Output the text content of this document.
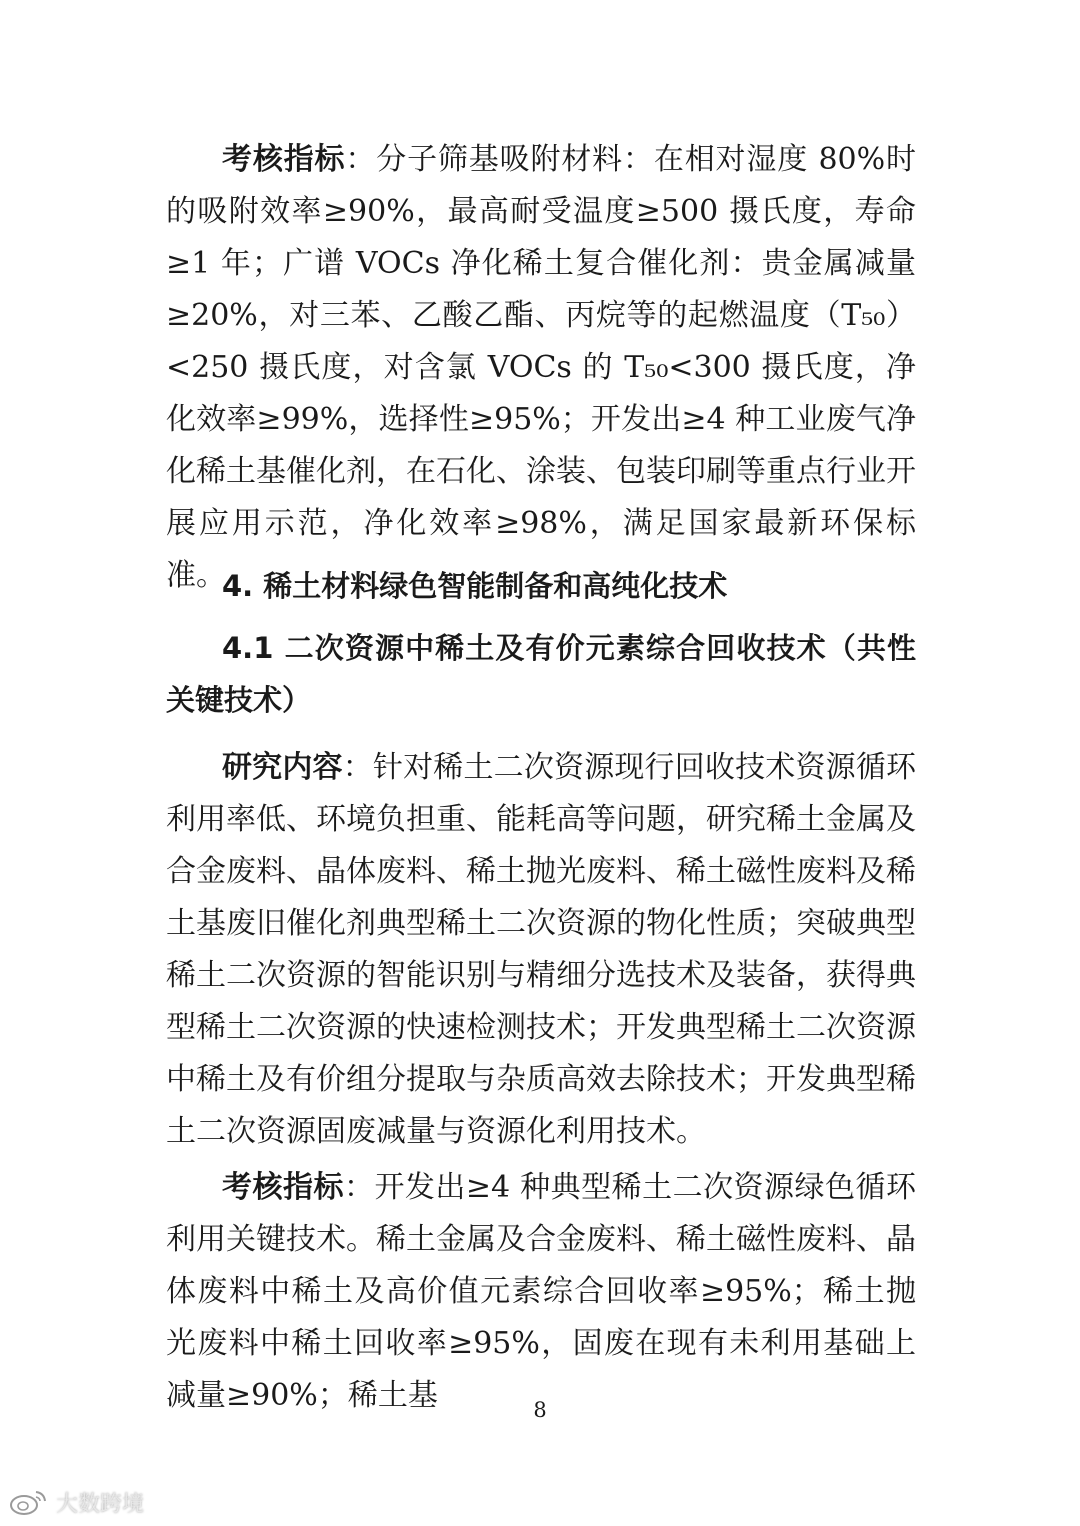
考核指标：分子筛基吸附材料：在相对湿度 80%时的吸附效率≥90%，最高耐受温度≥500 摄氏度，寿命≥1 年；广谱 VOCs 净化稀土复合催化剂：贵金属减量≥20%，对三苯、乙酸乙酯、丙烷等的起燃温度（T₅₀）<250 摄氏度，对含氯 VOCs 的 T₅₀<300 摄氏度，净化效率≥99%，选择性≥95%；开发出≥4 种工业废气净化稀土基催化剂，在石化、涂装、包装印刷等重点行业开展应用示范，净化效率≥98%，满足国家最新环保标准。

4. 稀土材料绿色智能制备和高纯化技术

4.1 二次资源中稀土及有价元素综合回收技术（共性关键技术）

研究内容：针对稀土二次资源现行回收技术资源循环利用率低、环境负担重、能耗高等问题，研究稀土金属及合金废料、晶体废料、稀土抛光废料、稀土磁性废料及稀土基废旧催化剂典型稀土二次资源的物化性质；突破典型稀土二次资源的智能识别与精细分选技术及装备，获得典型稀土二次资源的快速检测技术；开发典型稀土二次资源中稀土及有价组分提取与杂质高效去除技术；开发典型稀土二次资源固废减量与资源化利用技术。

考核指标：开发出≥4 种典型稀土二次资源绿色循环利用关键技术。稀土金属及合金废料、稀土磁性废料、晶体废料中稀土及高价值元素综合回收率≥95%；稀土抛光废料中稀土回收率≥95%，固废在现有未利用基础上减量≥90%；稀土基	8
大数跨境
